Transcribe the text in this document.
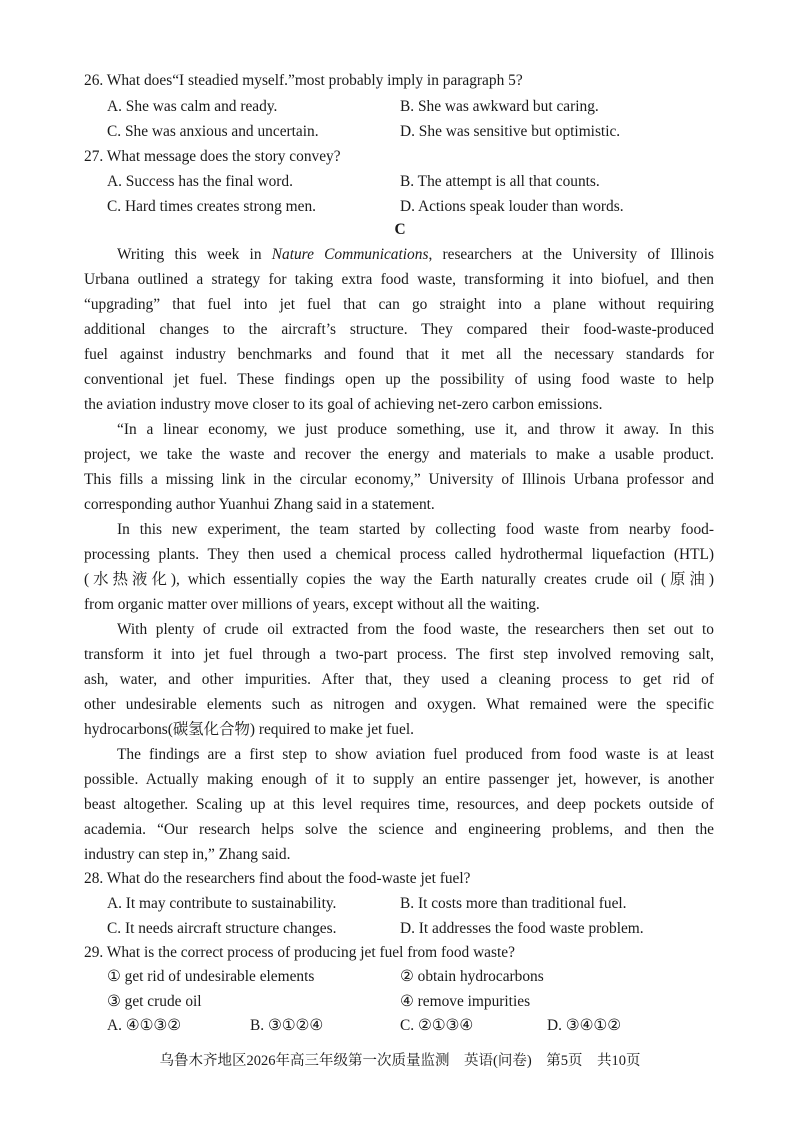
26. What does“I steadied myself.”most probably imply in paragraph 5?
A. She was calm and ready.	B. She was awkward but caring.
C. She was anxious and uncertain.	D. She was sensitive but optimistic.
27. What message does the story convey?
A. Success has the final word.	B. The attempt is all that counts.
C. Hard times creates strong men.	D. Actions speak louder than words.
C
Writing this week in Nature Communications, researchers at the University of Illinois
Urbana outlined a strategy for taking extra food waste, transforming it into biofuel, and then
“upgrading” that fuel into jet fuel that can go straight into a plane without requiring
additional changes to the aircraft’s structure. They compared their food-waste-produced
fuel against industry benchmarks and found that it met all the necessary standards for
conventional jet fuel. These findings open up the possibility of using food waste to help
the aviation industry move closer to its goal of achieving net-zero carbon emissions.
“In a linear economy, we just produce something, use it, and throw it away. In this
project, we take the waste and recover the energy and materials to make a usable product.
This fills a missing link in the circular economy,” University of Illinois Urbana professor and
corresponding author Yuanhui Zhang said in a statement.
In this new experiment, the team started by collecting food waste from nearby food-
processing plants. They then used a chemical process called hydrothermal liquefaction (HTL)
(水热液化), which essentially copies the way the Earth naturally creates crude oil (原油)
from organic matter over millions of years, except without all the waiting.
With plenty of crude oil extracted from the food waste, the researchers then set out to
transform it into jet fuel through a two-part process. The first step involved removing salt,
ash, water, and other impurities. After that, they used a cleaning process to get rid of
other undesirable elements such as nitrogen and oxygen. What remained were the specific
hydrocarbons(碳氢化合物) required to make jet fuel.
The findings are a first step to show aviation fuel produced from food waste is at least
possible. Actually making enough of it to supply an entire passenger jet, however, is another
beast altogether. Scaling up at this level requires time, resources, and deep pockets outside of
academia. “Our research helps solve the science and engineering problems, and then the
industry can step in,” Zhang said.
28. What do the researchers find about the food-waste jet fuel?
A. It may contribute to sustainability.	B. It costs more than traditional fuel.
C. It needs aircraft structure changes.	D. It addresses the food waste problem.
29. What is the correct process of producing jet fuel from food waste?
① get rid of undesirable elements	② obtain hydrocarbons
③ get crude oil	④ remove impurities
A. ④①③②	B. ③①②④	C. ②①③④	D. ③④①②
乌鲁木齐地区2026年高三年级第一次质量监测　英语(问卷)　第5页　共10页
